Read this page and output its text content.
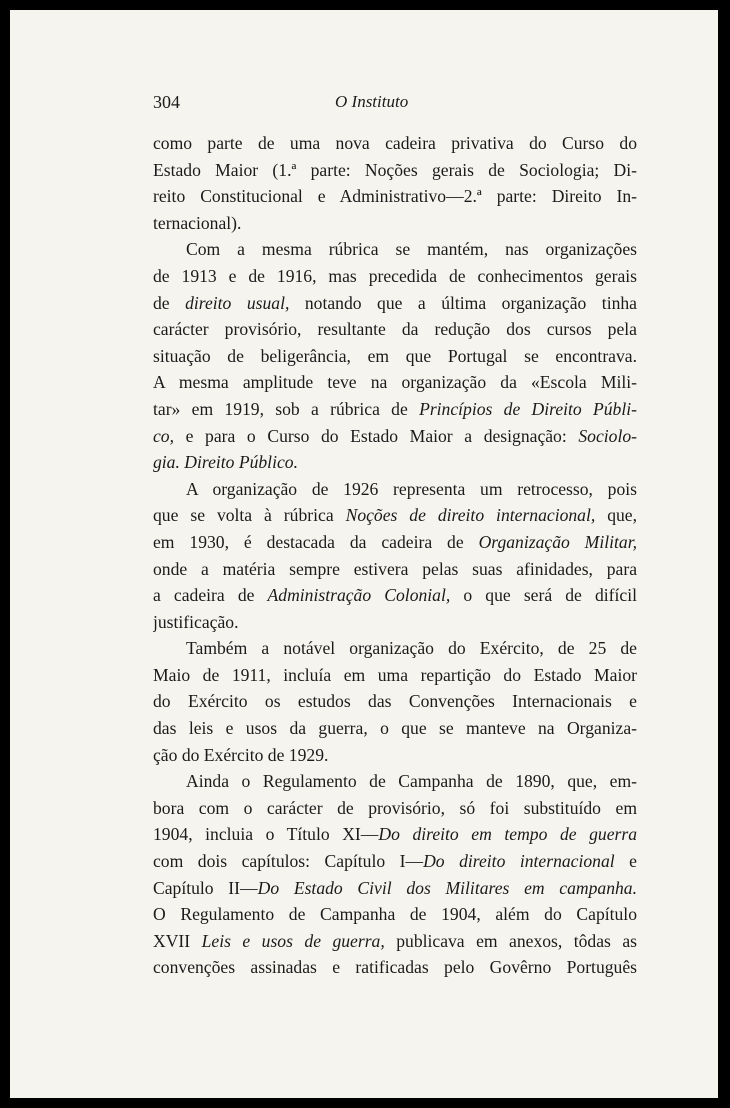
304	O Instituto
como parte de uma nova cadeira privativa do Curso do
Estado Maior (1.ª parte: Noções gerais de Sociologia; Di-
reito Constitucional e Administrativo—2.ª parte: Direito In-
ternacional).
Com a mesma rúbrica se mantém, nas organizações
de 1913 e de 1916, mas precedida de conhecimentos gerais
de direito usual, notando que a última organização tinha
carácter provisório, resultante da redução dos cursos pela
situação de beligerância, em que Portugal se encontrava.
A mesma amplitude teve na organização da «Escola Mili-
tar» em 1919, sob a rúbrica de Princípios de Direito Públi-
co, e para o Curso do Estado Maior a designação: Sociolo-
gia. Direito Público.
A organização de 1926 representa um retrocesso, pois
que se volta à rúbrica Noções de direito internacional, que,
em 1930, é destacada da cadeira de Organização Militar,
onde a matéria sempre estivera pelas suas afinidades, para
a cadeira de Administração Colonial, o que será de difícil
justificação.
Também a notável organização do Exército, de 25 de
Maio de 1911, incluía em uma repartição do Estado Maior
do Exército os estudos das Convenções Internacionais e
das leis e usos da guerra, o que se manteve na Organiza-
ção do Exército de 1929.
Ainda o Regulamento de Campanha de 1890, que, em-
bora com o carácter de provisório, só foi substituído em
1904, incluia o Título XI—Do direito em tempo de guerra
com dois capítulos: Capítulo I—Do direito internacional e
Capítulo II—Do Estado Civil dos Militares em campanha.
O Regulamento de Campanha de 1904, além do Capítulo
XVII Leis e usos de guerra, publicava em anexos, tôdas as
convenções assinadas e ratificadas pelo Govêrno Português
